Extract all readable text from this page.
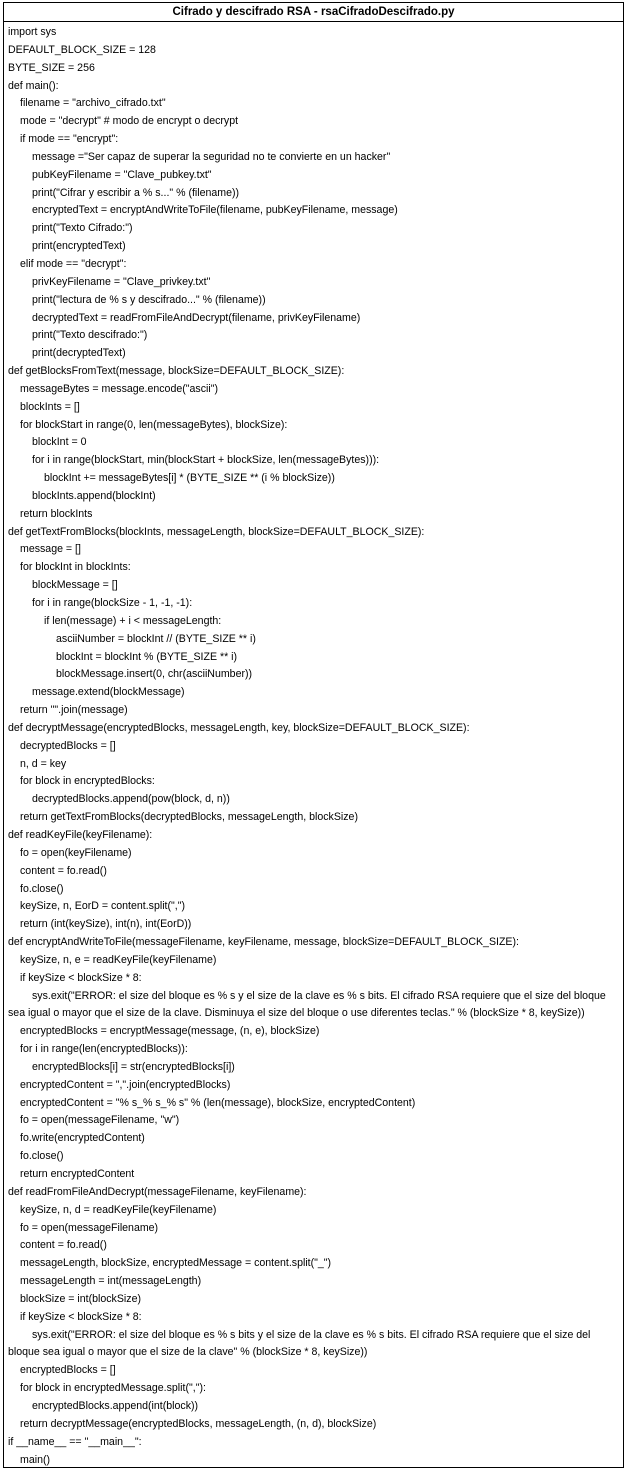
Cifrado y descifrado RSA - rsaCifradoDescifrado.py
import sys
DEFAULT_BLOCK_SIZE = 128
BYTE_SIZE = 256
def main():
filename = "archivo_cifrado.txt"
mode = "decrypt" # modo de encrypt o decrypt
if mode == "encrypt":
message ="Ser capaz de superar la seguridad no te convierte en un hacker"
pubKeyFilename = "Clave_pubkey.txt"
print("Cifrar y escribir a % s..." % (filename))
encryptedText = encryptAndWriteToFile(filename, pubKeyFilename, message)
print("Texto Cifrado:")
print(encryptedText)
elif mode == "decrypt":
privKeyFilename = "Clave_privkey.txt"
print("lectura de % s y descifrado..." % (filename))
decryptedText = readFromFileAndDecrypt(filename, privKeyFilename)
print("Texto descifrado:")
print(decryptedText)
def getBlocksFromText(message, blockSize=DEFAULT_BLOCK_SIZE):
messageBytes = message.encode("ascii")
blockInts = []
for blockStart in range(0, len(messageBytes), blockSize):
blockInt = 0
for i in range(blockStart, min(blockStart + blockSize, len(messageBytes))):
blockInt += messageBytes[i] * (BYTE_SIZE ** (i % blockSize))
blockInts.append(blockInt)
return blockInts
def getTextFromBlocks(blockInts, messageLength, blockSize=DEFAULT_BLOCK_SIZE):
message = []
for blockInt in blockInts:
blockMessage = []
for i in range(blockSize - 1, -1, -1):
if len(message) + i < messageLength:
asciiNumber = blockInt // (BYTE_SIZE ** i)
blockInt = blockInt % (BYTE_SIZE ** i)
blockMessage.insert(0, chr(asciiNumber))
message.extend(blockMessage)
return "".join(message)
def decryptMessage(encryptedBlocks, messageLength, key, blockSize=DEFAULT_BLOCK_SIZE):
decryptedBlocks = []
n, d = key
for block in encryptedBlocks:
decryptedBlocks.append(pow(block, d, n))
return getTextFromBlocks(decryptedBlocks, messageLength, blockSize)
def readKeyFile(keyFilename):
fo = open(keyFilename)
content = fo.read()
fo.close()
keySize, n, EorD = content.split(",")
return (int(keySize), int(n), int(EorD))
def encryptAndWriteToFile(messageFilename, keyFilename, message, blockSize=DEFAULT_BLOCK_SIZE):
keySize, n, e = readKeyFile(keyFilename)
if keySize < blockSize * 8:
sys.exit("ERROR: el size del bloque es % s y el size de la clave es % s bits. El cifrado RSA requiere que el size del bloque
sea igual o mayor que el size de la clave. Disminuya el size del bloque o use diferentes teclas." % (blockSize * 8, keySize))
encryptedBlocks = encryptMessage(message, (n, e), blockSize)
for i in range(len(encryptedBlocks)):
encryptedBlocks[i] = str(encryptedBlocks[i])
encryptedContent = ",".join(encryptedBlocks)
encryptedContent = "% s_% s_% s" % (len(message), blockSize, encryptedContent)
fo = open(messageFilename, "w")
fo.write(encryptedContent)
fo.close()
return encryptedContent
def readFromFileAndDecrypt(messageFilename, keyFilename):
keySize, n, d = readKeyFile(keyFilename)
fo = open(messageFilename)
content = fo.read()
messageLength, blockSize, encryptedMessage = content.split("_")
messageLength = int(messageLength)
blockSize = int(blockSize)
if keySize < blockSize * 8:
sys.exit("ERROR: el size del bloque es % s bits y el size de la clave es % s bits. El cifrado RSA requiere que el size del
bloque sea igual o mayor que el size de la clave" % (blockSize * 8, keySize))
encryptedBlocks = []
for block in encryptedMessage.split(","):
encryptedBlocks.append(int(block))
return decryptMessage(encryptedBlocks, messageLength, (n, d), blockSize)
if __name__ == "__main__":
main()
